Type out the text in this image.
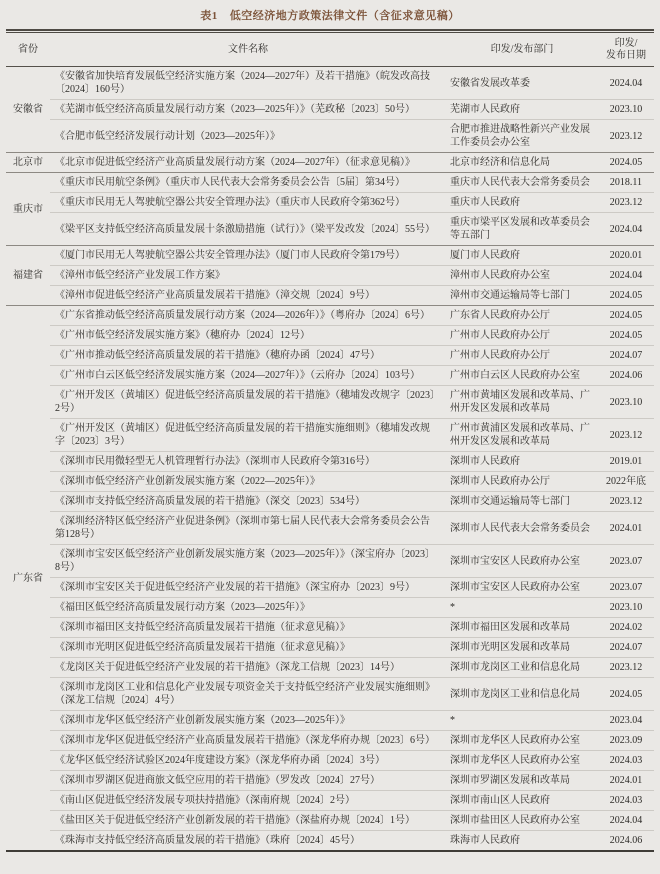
表1 低空经济地方政策法律文件（含征求意见稿）
省份	文件名称	印发/发布部门	印发/
发布日期

安徽省	《安徽省加快培育发展低空经济实施方案（2024—2027年）及若干措施》（皖发改高技〔2024〕160号）	安徽省发展改革委	2024.04
	《芜湖市低空经济高质量发展行动方案（2023—2025年）》（芜政秘〔2023〕50号）	芜湖市人民政府	2023.10
	《合肥市低空经济发展行动计划（2023—2025年）》	合肥市推进战略性新兴产业发展工作委员会办公室	2023.12
北京市	《北京市促进低空经济产业高质量发展行动方案（2024—2027年）（征求意见稿）》	北京市经济和信息化局	2024.05
重庆市	《重庆市民用航空条例》（重庆市人民代表大会常务委员会公告〔5届〕第34号）	重庆市人民代表大会常务委员会	2018.11
	《重庆市民用无人驾驶航空器公共安全管理办法》（重庆市人民政府令第362号）	重庆市人民政府	2023.12
	《梁平区支持低空经济高质量发展十条激励措施（试行）》（梁平发改发〔2024〕55号）	重庆市梁平区发展和改革委员会等五部门	2024.04
福建省	《厦门市民用无人驾驶航空器公共安全管理办法》（厦门市人民政府令第179号）	厦门市人民政府	2020.01
	《漳州市低空经济产业发展工作方案》	漳州市人民政府办公室	2024.04
	《漳州市促进低空经济产业高质量发展若干措施》（漳交规〔2024〕9号）	漳州市交通运输局等七部门	2024.05
广东省	《广东省推动低空经济高质量发展行动方案（2024—2026年）》（粤府办〔2024〕6号）	广东省人民政府办公厅	2024.05
	《广州市低空经济发展实施方案》（穗府办〔2024〕12号）	广州市人民政府办公厅	2024.05
	《广州市推动低空经济高质量发展的若干措施》（穗府办函〔2024〕47号）	广州市人民政府办公厅	2024.07
	《广州市白云区低空经济发展实施方案（2024—2027年）》（云府办〔2024〕103号）	广州市白云区人民政府办公室	2024.06
	《广州开发区（黄埔区）促进低空经济高质量发展的若干措施》（穗埔发改规字〔2023〕2号）	广州市黄埔区发展和改革局、广州开发区发展和改革局	2023.10
	《广州开发区（黄埔区）促进低空经济高质量发展的若干措施实施细则》（穗埔发改规字〔2023〕3号）	广州市黄浦区发展和改革局、广州开发区发展和改革局	2023.12
	《深圳市民用微轻型无人机管理暂行办法》（深圳市人民政府令第316号）	深圳市人民政府	2019.01
	《深圳市低空经济产业创新发展实施方案（2022—2025年）》	深圳市人民政府办公厅	2022年底
	《深圳市支持低空经济高质量发展的若干措施》（深交〔2023〕534号）	深圳市交通运输局等七部门	2023.12
	《深圳经济特区低空经济产业促进条例》（深圳市第七届人民代表大会常务委员会公告第128号）	深圳市人民代表大会常务委员会	2024.01
	《深圳市宝安区低空经济产业创新发展实施方案（2023—2025年）》（深宝府办〔2023〕8号）	深圳市宝安区人民政府办公室	2023.07
	《深圳市宝安区关于促进低空经济产业发展的若干措施》（深宝府办〔2023〕9号）	深圳市宝安区人民政府办公室	2023.07
	《福田区低空经济高质量发展行动方案（2023—2025年）》	*	2023.10
	《深圳市福田区支持低空经济高质量发展若干措施（征求意见稿）》	深圳市福田区发展和改革局	2024.02
	《深圳市光明区促进低空经济高质量发展若干措施（征求意见稿）》	深圳市光明区发展和改革局	2024.07
	《龙岗区关于促进低空经济产业发展的若干措施》（深龙工信规〔2023〕14号）	深圳市龙岗区工业和信息化局	2023.12
	《深圳市龙岗区工业和信息化产业发展专项资金关于支持低空经济产业发展实施细则》（深龙工信规〔2024〕4号）	深圳市龙岗区工业和信息化局	2024.05
	《深圳市龙华区低空经济产业创新发展实施方案（2023—2025年）》	*	2023.04
	《深圳市龙华区促进低空经济产业高质量发展若干措施》（深龙华府办规〔2023〕6号）	深圳市龙华区人民政府办公室	2023.09
	《龙华区低空经济试验区2024年度建设方案》（深龙华府办函〔2024〕3号）	深圳市龙华区人民政府办公室	2024.03
	《深圳市罗湖区促进商旅文低空应用的若干措施》（罗发改〔2024〕27号）	深圳市罗湖区发展和改革局	2024.01
	《南山区促进低空经济发展专项扶持措施》（深南府规〔2024〕2号）	深圳市南山区人民政府	2024.03
	《盐田区关于促进低空经济产业创新发展的若干措施》（深盐府办规〔2024〕1号）	深圳市盐田区人民政府办公室	2024.04
	《珠海市支持低空经济高质量发展的若干措施》（珠府〔2024〕45号）	珠海市人民政府	2024.06
